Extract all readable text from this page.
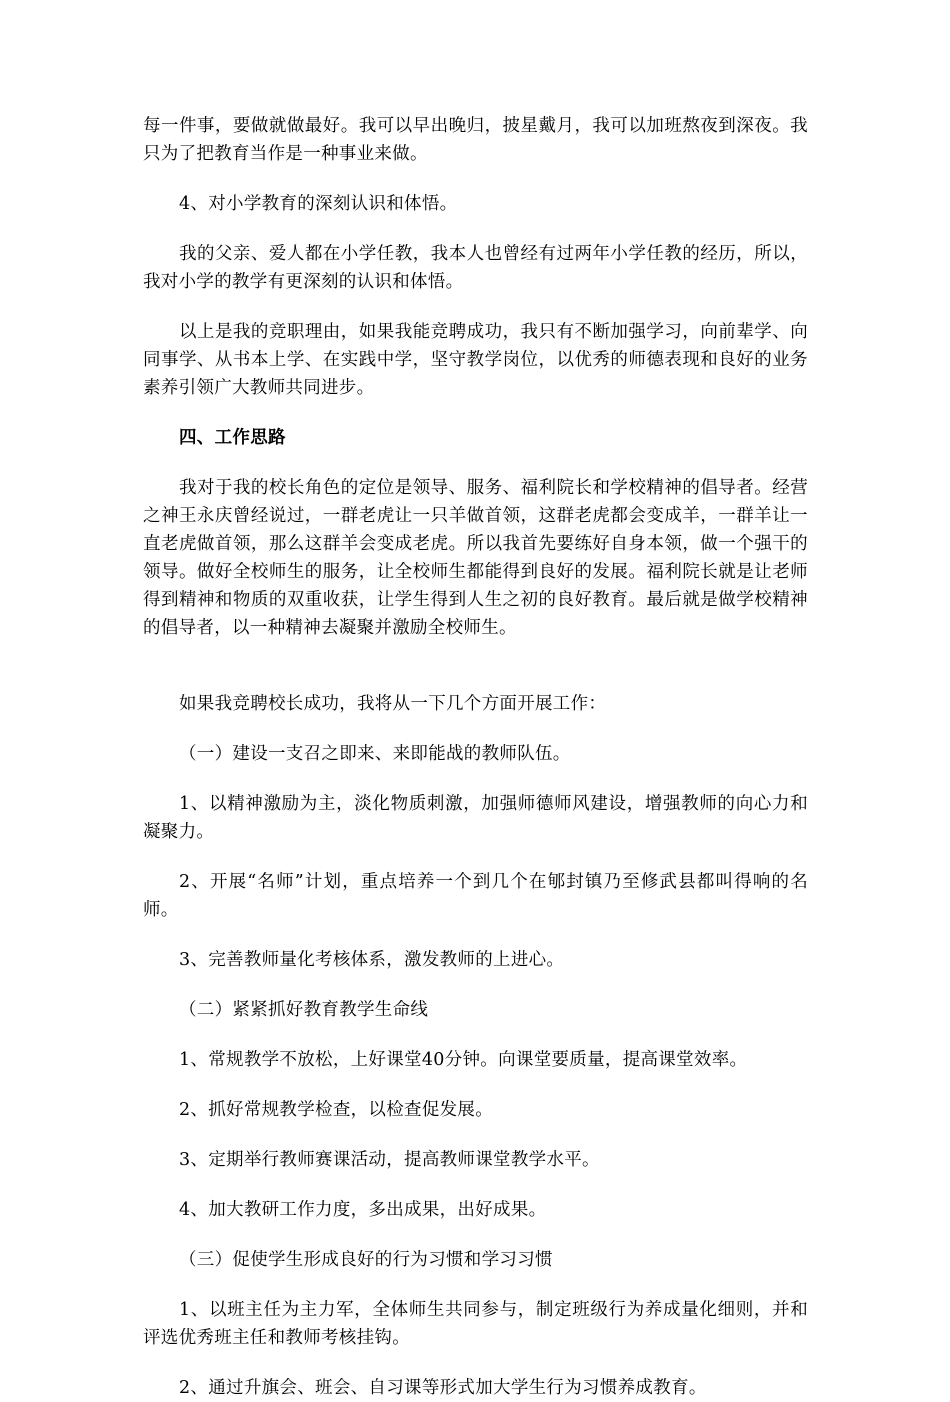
每一件事，要做就做最好。我可以早出晚归，披星戴月，我可以加班熬夜到深夜。我只为了把教育当作是一种事业来做。

4、对小学教育的深刻认识和体悟。

我的父亲、爱人都在小学任教，我本人也曾经有过两年小学任教的经历，所以，我对小学的教学有更深刻的认识和体悟。

以上是我的竞职理由，如果我能竞聘成功，我只有不断加强学习，向前辈学、向同事学、从书本上学、在实践中学，坚守教学岗位，以优秀的师德表现和良好的业务素养引领广大教师共同进步。

四、工作思路

我对于我的校长角色的定位是领导、服务、福利院长和学校精神的倡导者。经营之神王永庆曾经说过，一群老虎让一只羊做首领，这群老虎都会变成羊，一群羊让一直老虎做首领，那么这群羊会变成老虎。所以我首先要练好自身本领，做一个强干的领导。做好全校师生的服务，让全校师生都能得到良好的发展。福利院长就是让老师得到精神和物质的双重收获，让学生得到人生之初的良好教育。最后就是做学校精神的倡导者，以一种精神去凝聚并激励全校师生。

如果我竞聘校长成功，我将从一下几个方面开展工作：

（一）建设一支召之即来、来即能战的教师队伍。

1、以精神激励为主，淡化物质刺激，加强师德师风建设，增强教师的向心力和凝聚力。

2、开展“名师”计划，重点培养一个到几个在郇封镇乃至修武县都叫得响的名师。

3、完善教师量化考核体系，激发教师的上进心。

（二）紧紧抓好教育教学生命线

1、常规教学不放松，上好课堂40分钟。向课堂要质量，提高课堂效率。

2、抓好常规教学检查，以检查促发展。

3、定期举行教师赛课活动，提高教师课堂教学水平。

4、加大教研工作力度，多出成果，出好成果。

（三）促使学生形成良好的行为习惯和学习习惯

1、以班主任为主力军，全体师生共同参与，制定班级行为养成量化细则，并和评选优秀班主任和教师考核挂钩。

2、通过升旗会、班会、自习课等形式加大学生行为习惯养成教育。
